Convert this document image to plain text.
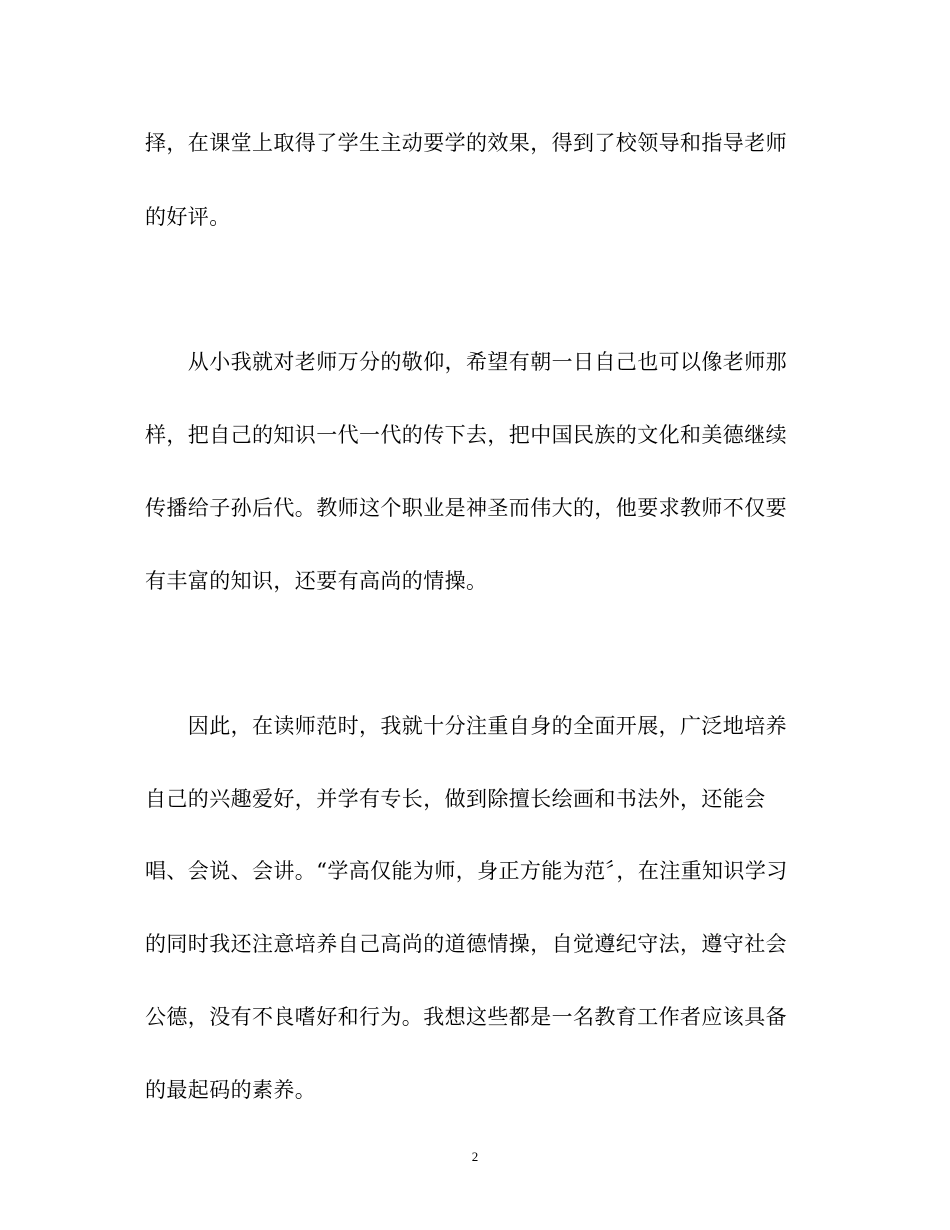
择，在课堂上取得了学生主动要学的效果，得到了校领导和指导老师
的好评。
　　从小我就对老师万分的敬仰，希望有朝一日自己也可以像老师那
样，把自己的知识一代一代的传下去，把中国民族的文化和美德继续
传播给子孙后代。教师这个职业是神圣而伟大的，他要求教师不仅要
有丰富的知识，还要有高尚的情操。
　　因此，在读师范时，我就十分注重自身的全面开展，广泛地培养
自己的兴趣爱好，并学有专长，做到除擅长绘画和书法外，还能会
唱、会说、会讲。“学高仅能为师，身正方能为范〞，在注重知识学习
的同时我还注意培养自己高尚的道德情操，自觉遵纪守法，遵守社会
公德，没有不良嗜好和行为。我想这些都是一名教育工作者应该具备
的最起码的素养。
2
